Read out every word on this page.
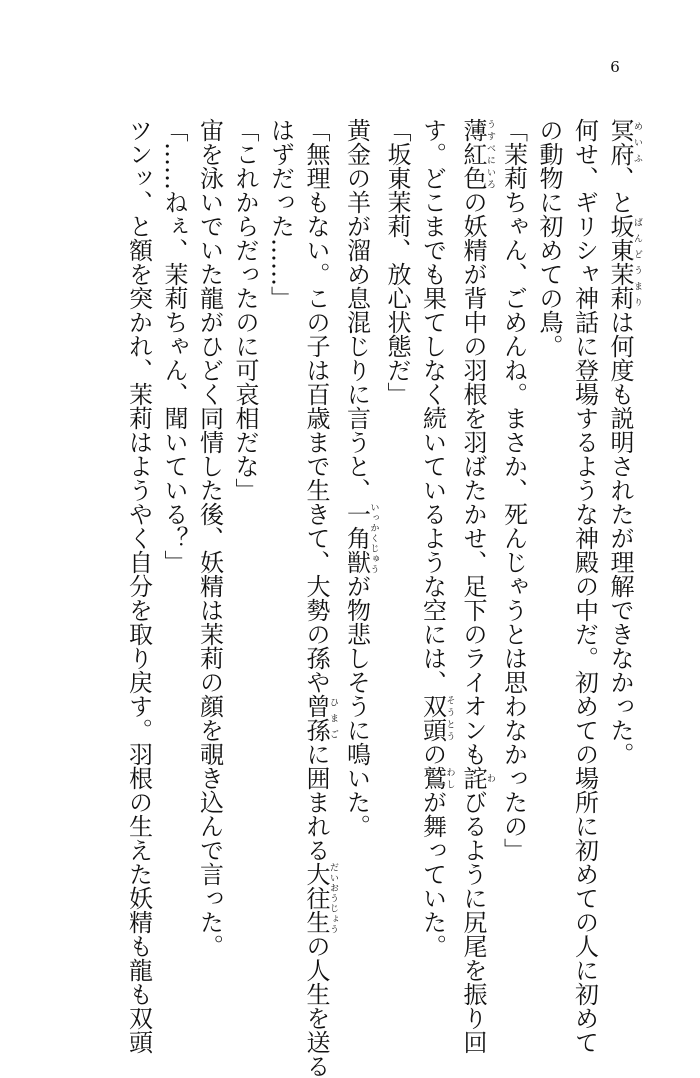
6
冥府めいふ、と坂東茉莉ばんどうまりは何度も説明されたが理解できなかった。
何せ、ギリシャ神話に登場するような神殿の中だ。初めての場所に初めての人に初めて
の動物に初めての鳥。
「茉莉ちゃん、ごめんね。まさか、死んじゃうとは思わなかったの」
薄紅色うすべにいろの妖精が背中の羽根を羽ばたかせ、足下のライオンも詫わびるように尻尾を振り回
す。どこまでも果てしなく続いているような空には、双頭そうとうの鷲わしが舞っていた。
「坂東茉莉、放心状態だ」
黄金の羊が溜め息混じりに言うと、一角獣いっかくじゅうが物悲しそうに鳴いた。
「無理もない。この子は百歳まで生きて、大勢の孫や曾孫ひまごに囲まれる大往生だいおうじょうの人生を送る
はずだった……」
「これからだったのに可哀相だな」
宙を泳いでいた龍がひどく同情した後、妖精は茉莉の顔を覗き込んで言った。
「……ねぇ、茉莉ちゃん、聞いている？」
ツンッ、と額を突かれ、茉莉はようやく自分を取り戻す。羽根の生えた妖精も龍も双頭
